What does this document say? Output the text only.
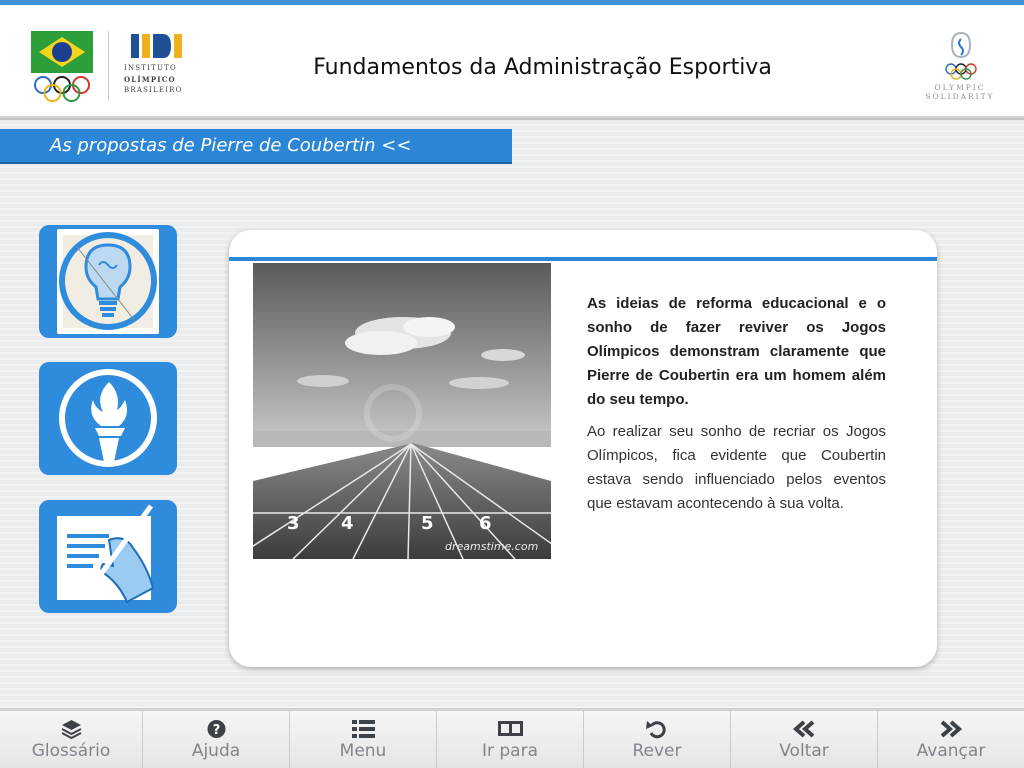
INSTITUTO
OLÍMPICO
BRASILEIRO
Fundamentos da Administração Esportiva
OLYMPIC
SOLIDARITY
As propostas de Pierre de Coubertin <<
3 4	5	6
dreamstime.com

As ideias de reforma educacional e o sonho de fazer reviver os Jogos Olímpicos demonstram claramente que Pierre de Coubertin era um homem além do seu tempo.

Ao realizar seu sonho de recriar os Jogos Olímpicos, fica evidente que Coubertin estava sendo influenciado pelos eventos que estavam acontecendo à sua volta.

Glossário
?
Ajuda	Menu	Ir para	Rever	Voltar	Avançar
